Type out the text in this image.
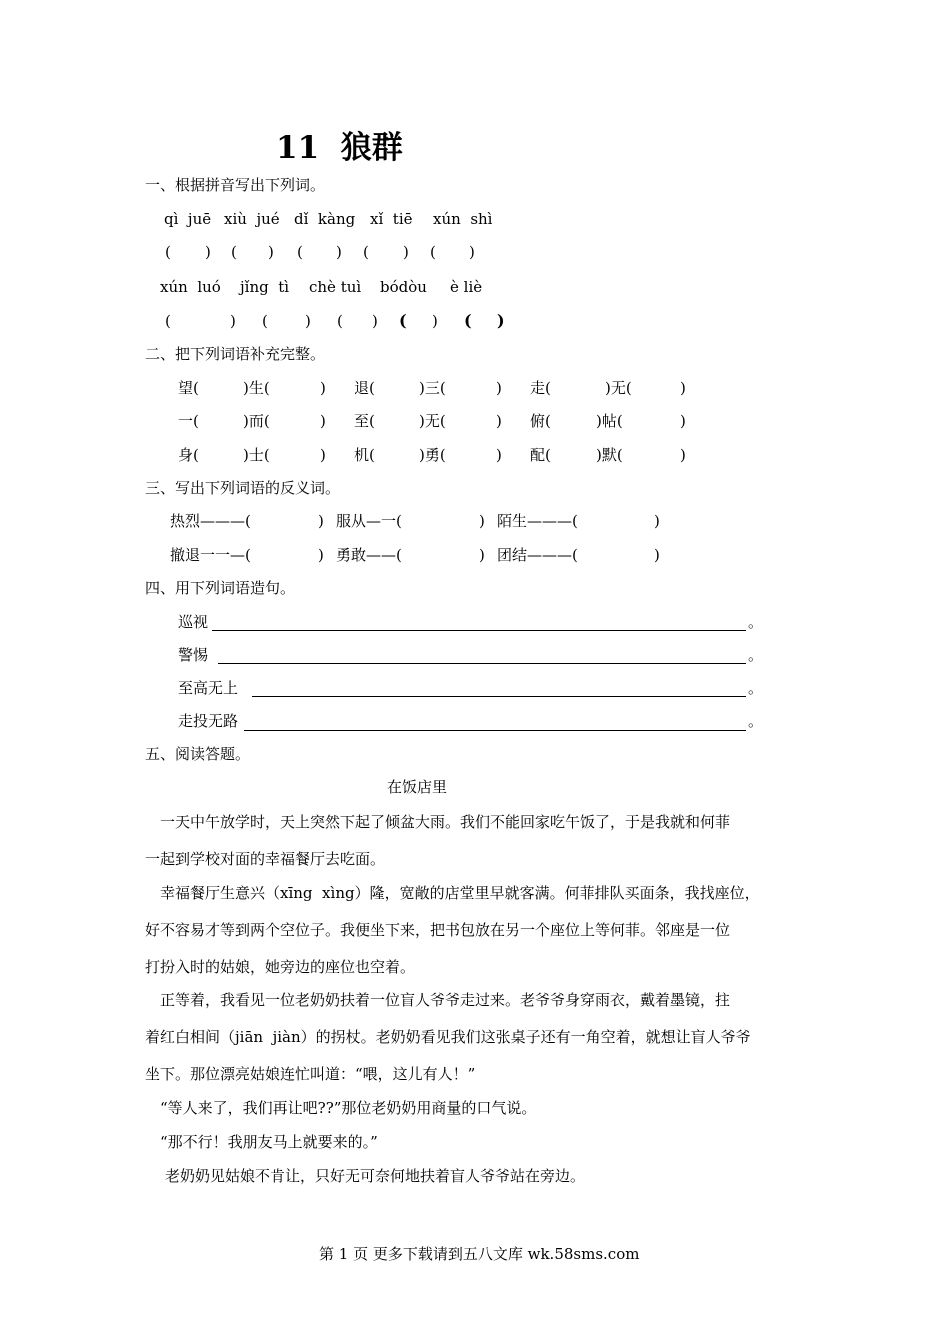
11  狼群
一、根据拼音写出下列词。
qì  juē xiù  jué dǐ  kàng xǐ  tiē xún  shì
( ) ( ) ( ) ( ) ( )
xún  luó jǐng  tì chè tuì bódòu è liè
(	) ( ) ( ) ( ) ( )
二、把下列词语补充完整。
望(	)生(	) 退(	)三(	) 走(	)无(	)
一(	)而(	) 至(	)无(	) 俯(	)帖(	)
身(	)士(	) 机(	)勇(	) 配(	)默(	)
三、写出下列词语的反义词。
热烈———(	) 服从—一(	) 陌生———(	)
撤退一一—(	) 勇敢——(	) 团结———(	)
四、用下列词语造句。
巡视	。
警惕	。
至高无上	。
走投无路	。
五、阅读答题。
在饭店里
一天中午放学时，天上突然下起了倾盆大雨。我们不能回家吃午饭了，于是我就和何菲
一起到学校对面的幸福餐厅去吃面。
幸福餐厅生意兴（xīng  xìng）隆，宽敞的店堂里早就客满。何菲排队买面条，我找座位，
好不容易才等到两个空位子。我便坐下来，把书包放在另一个座位上等何菲。邻座是一位
打扮入时的姑娘，她旁边的座位也空着。
正等着，我看见一位老奶奶扶着一位盲人爷爷走过来。老爷爷身穿雨衣，戴着墨镜，拄
着红白相间（jiān  jiàn）的拐杖。老奶奶看见我们这张桌子还有一角空着，就想让盲人爷爷
坐下。那位漂亮姑娘连忙叫道：“喂，这儿有人！”
“等人来了，我们再让吧??”那位老奶奶用商量的口气说。
“那不行！我朋友马上就要来的。”
老奶奶见姑娘不肯让，只好无可奈何地扶着盲人爷爷站在旁边。
第 1 页 更多下载请到五八文库 wk.58sms.com
